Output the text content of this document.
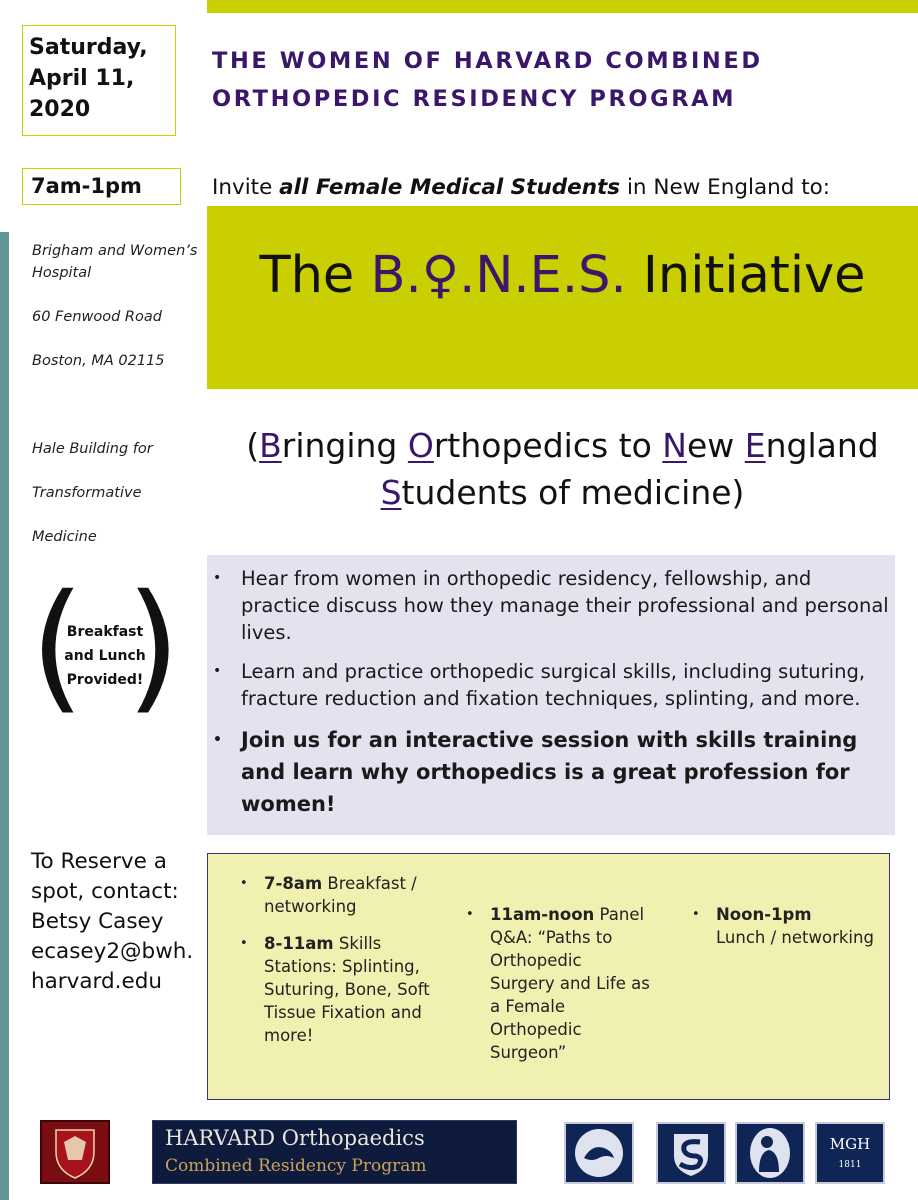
Saturday,
April 11,
2020
7am-1pm
Brigham and Women’s
Hospital
60 Fenwood Road
Boston, MA 02115
Hale Building for
Transformative
Medicine
THE WOMEN OF HARVARD COMBINED
ORTHOPEDIC RESIDENCY PROGRAM
Invite all Female Medical Students in New England to:
The B.♀.N.E.S. Initiative
(Bringing Orthopedics to New England
Students of medicine)
• Hear from women in orthopedic residency, fellowship, and practice discuss how they manage their professional and personal lives.
• Learn and practice orthopedic surgical skills, including suturing, fracture reduction and fixation techniques, splinting, and more.
• Join us for an interactive session with skills training and learn why orthopedics is a great profession for women!
( )
Breakfast
and Lunch
Provided!
To Reserve a
spot, contact:
Betsy Casey
ecasey2@bwh.
harvard.edu
• 7-8am Breakfast /
networking
• 8-11am Skills
Stations: Splinting,
Suturing, Bone, Soft
Tissue Fixation and
more!
• 11am-noon Panel
Q&A: “Paths to
Orthopedic
Surgery and Life as
a Female
Orthopedic
Surgeon”
• Noon-1pm
Lunch / networking
HARVARD Orthopaedics
Combined Residency Program
MGH
1811
